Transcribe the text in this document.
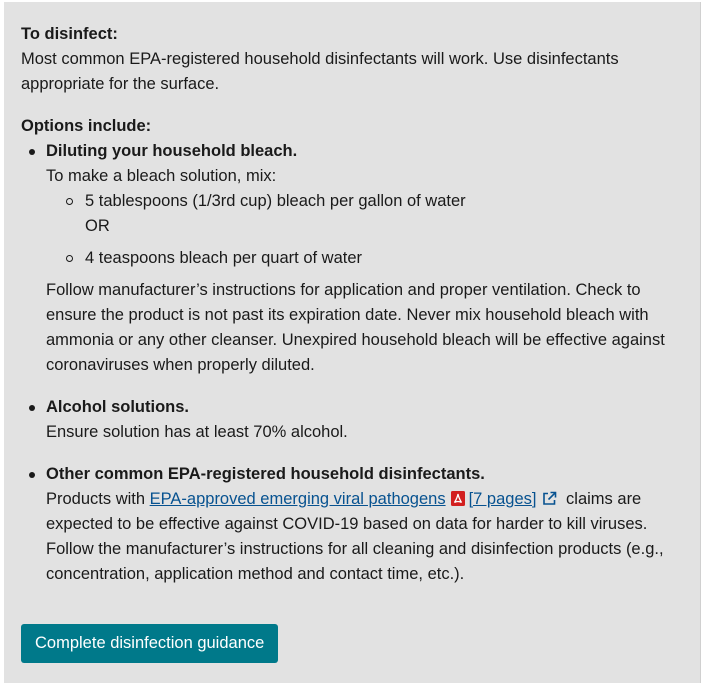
To disinfect:

Most common EPA-registered household disinfectants will work. Use disinfectants appropriate for the surface.

Options include:

Diluting your household bleach.
To make a bleach solution, mix:
5 tablespoons (1/3rd cup) bleach per gallon of water
OR
4 teaspoons bleach per quart of water

Follow manufacturer’s instructions for application and proper ventilation. Check to ensure the product is not past its expiration date. Never mix household bleach with ammonia or any other cleanser. Unexpired household bleach will be effective against coronaviruses when properly diluted.

Alcohol solutions.
Ensure solution has at least 70% alcohol.
Other common EPA-registered household disinfectants.

Products with EPA-approved emerging viral pathogens [7 pages] claims are expected to be effective against COVID-19 based on data for harder to kill viruses. Follow the manufacturer’s instructions for all cleaning and disinfection products (e.g., concentration, application method and contact time, etc.).

Complete disinfection guidance
